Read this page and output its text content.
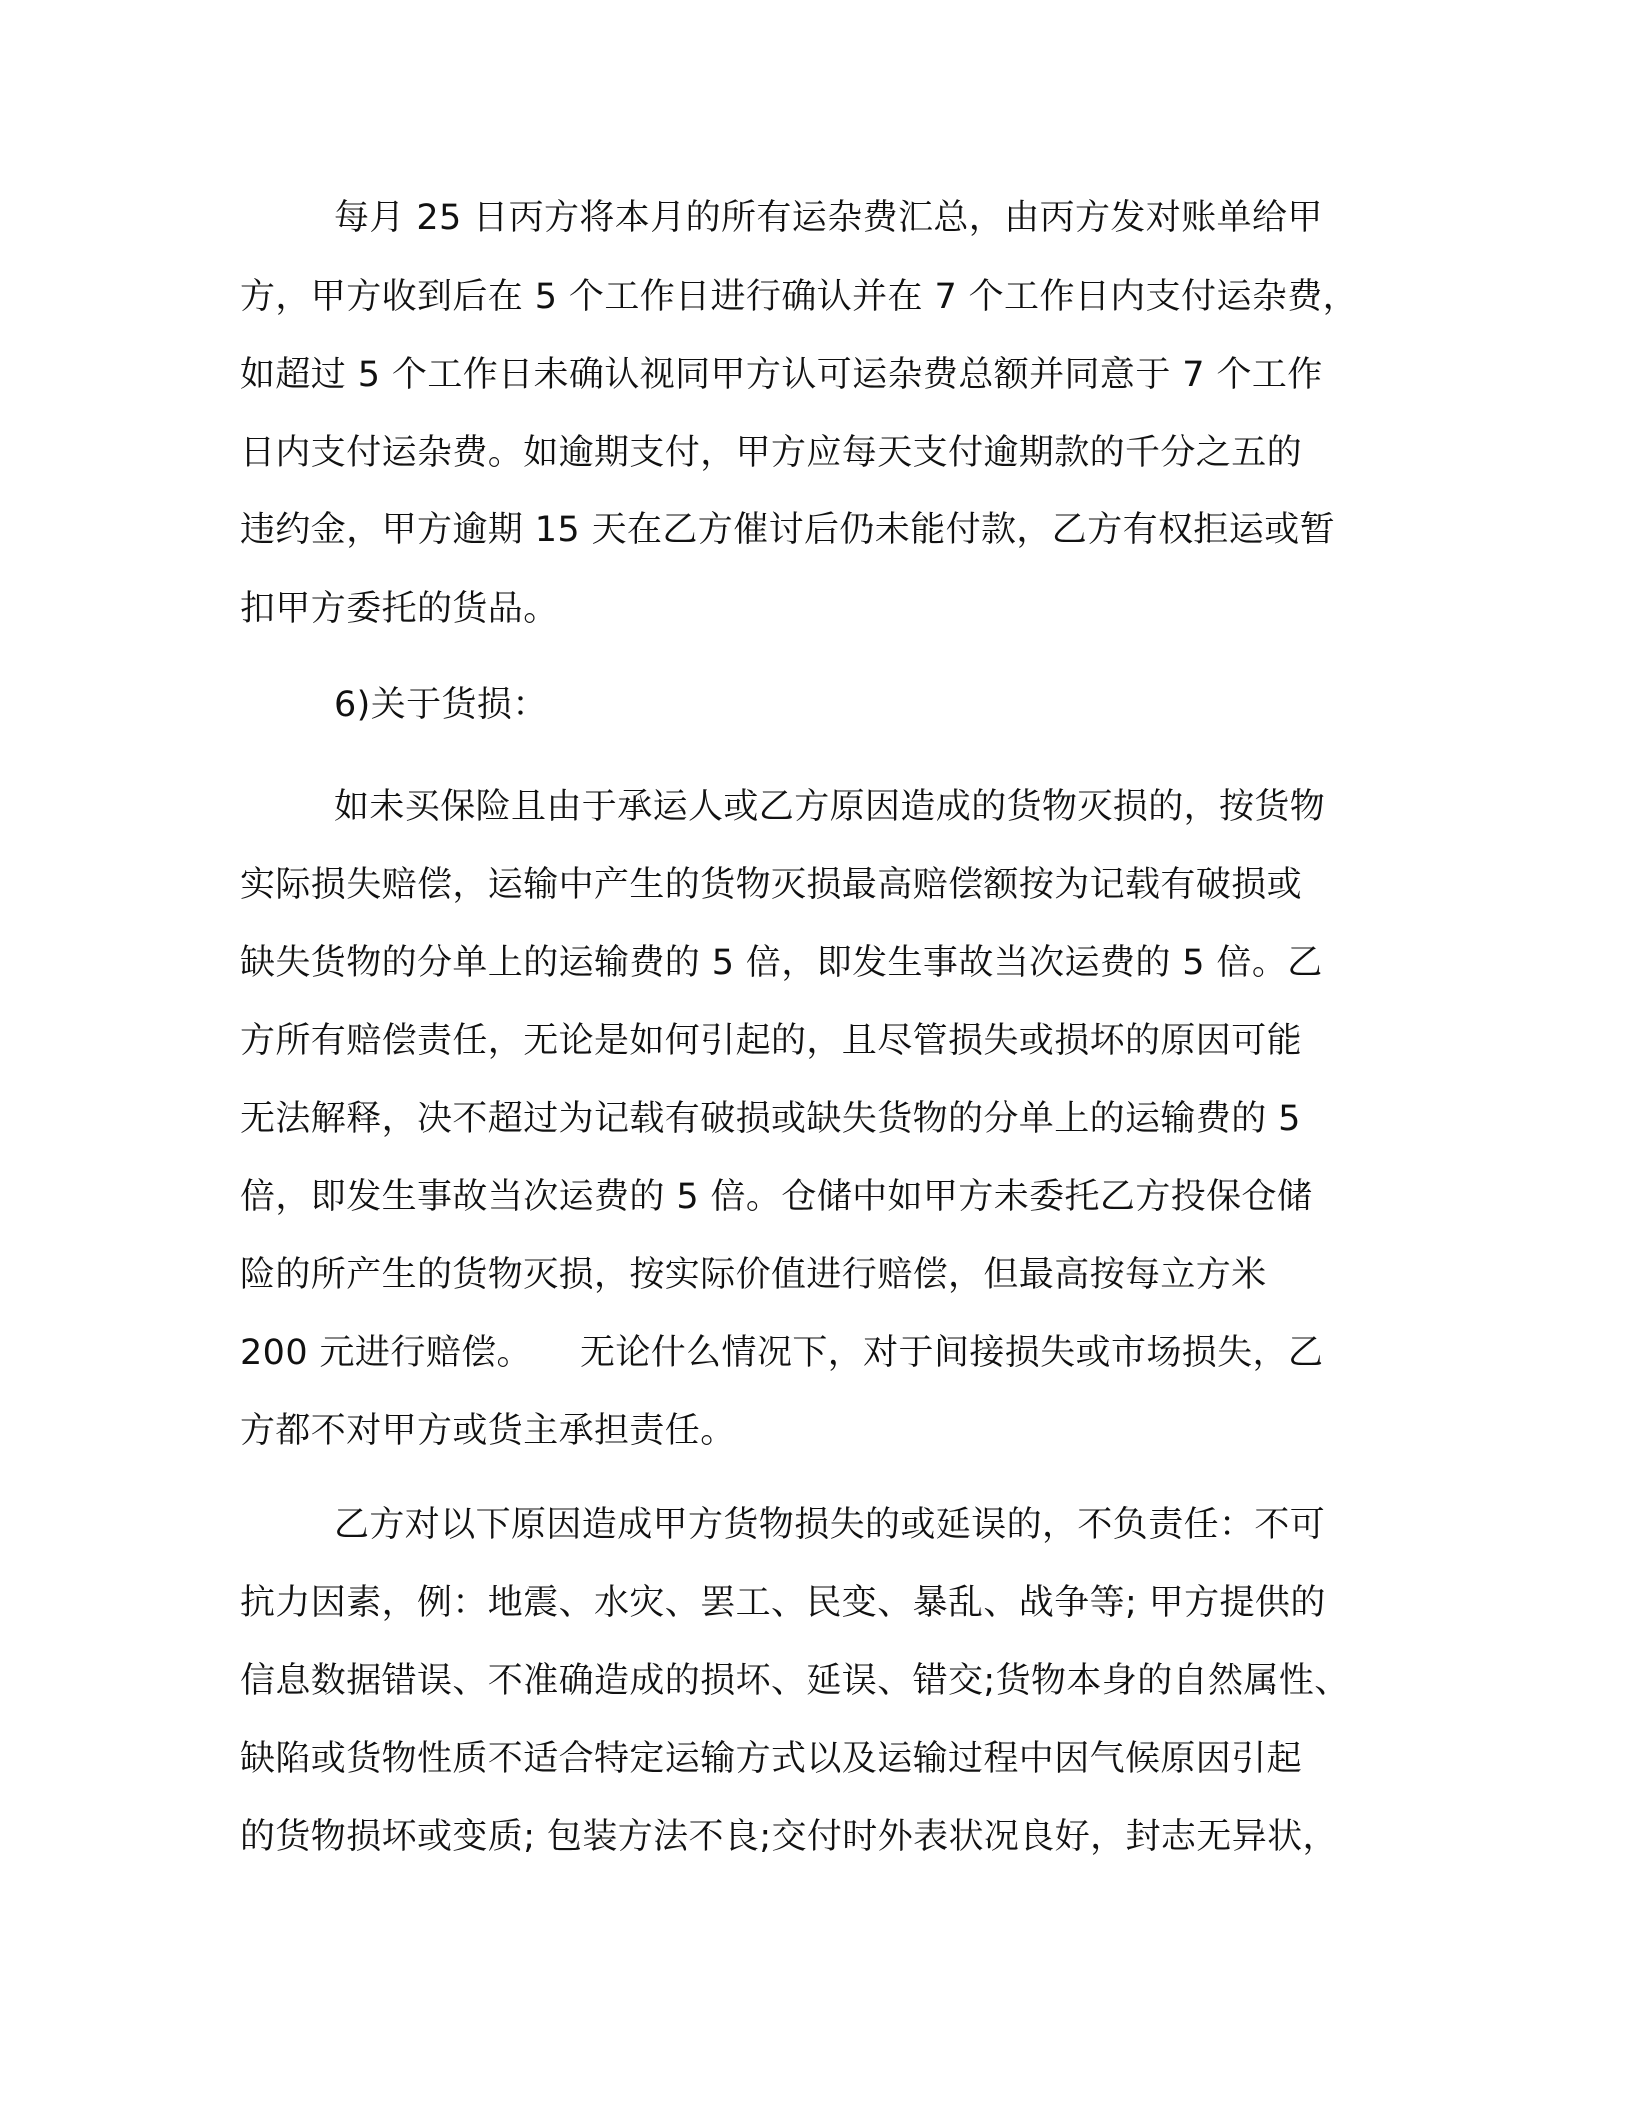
每月 25 日丙方将本月的所有运杂费汇总，由丙方发对账单给甲

方，甲方收到后在 5 个工作日进行确认并在 7 个工作日内支付运杂费，

如超过 5 个工作日未确认视同甲方认可运杂费总额并同意于 7 个工作

日内支付运杂费。如逾期支付，甲方应每天支付逾期款的千分之五的

违约金，甲方逾期 15 天在乙方催讨后仍未能付款，乙方有权拒运或暂

扣甲方委托的货品。

6)关于货损：

如未买保险且由于承运人或乙方原因造成的货物灭损的，按货物

实际损失赔偿，运输中产生的货物灭损最高赔偿额按为记载有破损或

缺失货物的分单上的运输费的 5 倍，即发生事故当次运费的 5 倍。乙

方所有赔偿责任，无论是如何引起的，且尽管损失或损坏的原因可能

无法解释，决不超过为记载有破损或缺失货物的分单上的运输费的 5

倍，即发生事故当次运费的 5 倍。仓储中如甲方未委托乙方投保仓储

险的所产生的货物灭损，按实际价值进行赔偿，但最高按每立方米

200 元进行赔偿。 无论什么情况下，对于间接损失或市场损失，乙

方都不对甲方或货主承担责任。

乙方对以下原因造成甲方货物损失的或延误的，不负责任：不可

抗力因素，例：地震、水灾、罢工、民变、暴乱、战争等; 甲方提供的

信息数据错误、不准确造成的损坏、延误、错交;货物本身的自然属性、

缺陷或货物性质不适合特定运输方式以及运输过程中因气候原因引起

的货物损坏或变质; 包装方法不良;交付时外表状况良好，封志无异状，
